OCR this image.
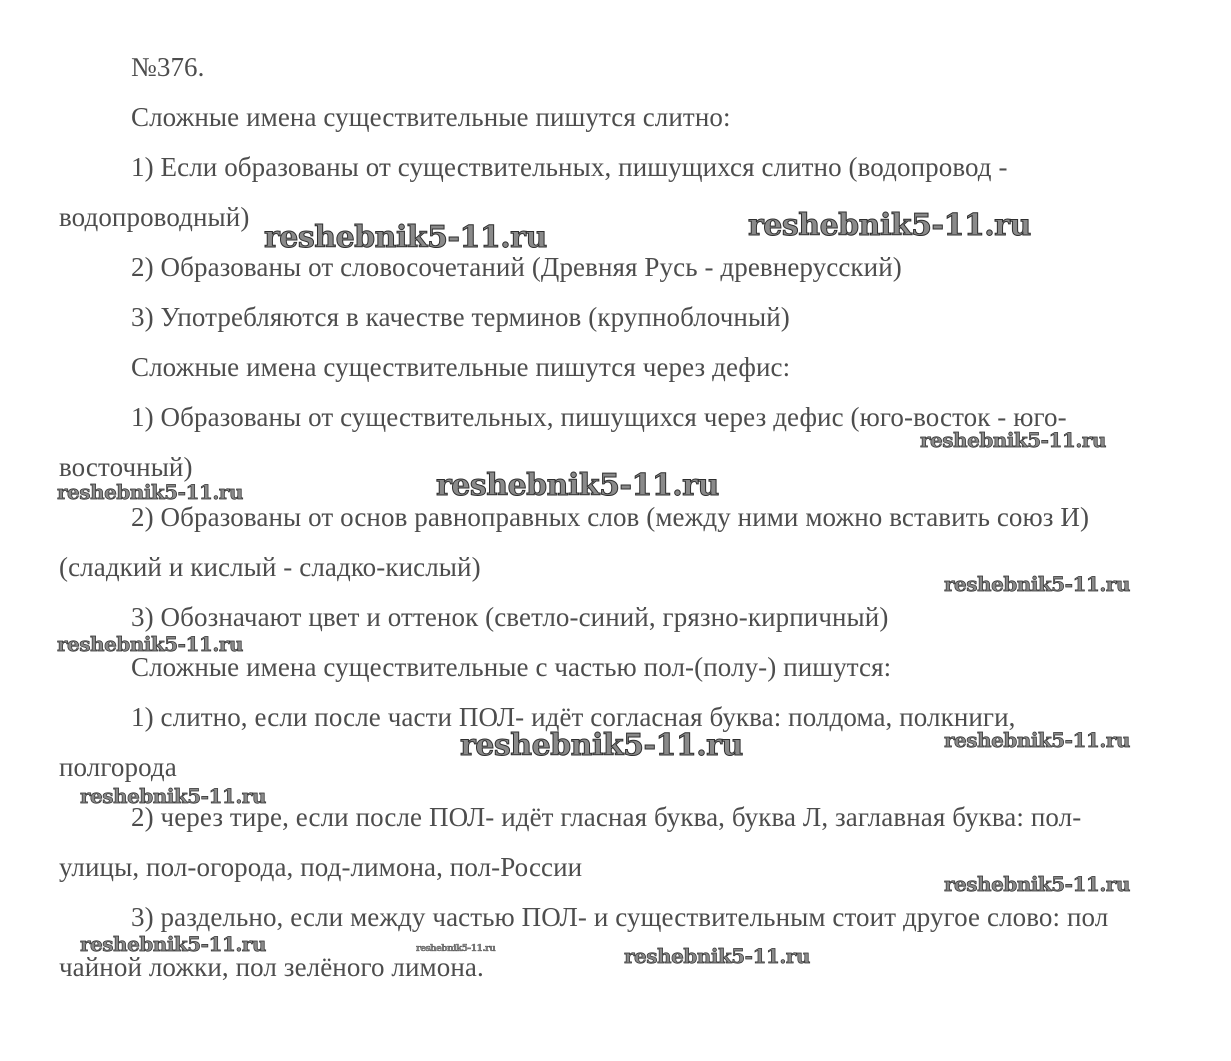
№376.
Сложные имена существительные пишутся слитно:
1) Если образованы от существительных, пишущихся слитно (водопровод -
водопроводный)
2) Образованы от словосочетаний (Древняя Русь - древнерусский)
3) Употребляются в качестве терминов (крупноблочный)
Сложные имена существительные пишутся через дефис:
1) Образованы от существительных, пишущихся через дефис (юго-восток - юго-
восточный)
2) Образованы от основ равноправных слов (между ними можно вставить союз И)
(сладкий и кислый - сладко-кислый)
3) Обозначают цвет и оттенок (светло-синий, грязно-кирпичный)
Сложные имена существительные с частью пол-(полу-) пишутся:
1) слитно, если после части ПОЛ- идёт согласная буква: полдома, полкниги,
полгорода
2) через тире, если после ПОЛ- идёт гласная буква, буква Л, заглавная буква: пол-
улицы, пол-огорода, под-лимона, пол-России
3) раздельно, если между частью ПОЛ- и существительным стоит другое слово: пол
чайной ложки, пол зелёного лимона.
reshebnik5-11.ru	reshebnik5-11.ru
reshebnik5-11.ru
reshebnik5-11.ru
reshebnik5-11.ru
reshebnik5-11.ru
reshebnik5-11.ru
reshebnik5-11.ru
reshebnik5-11.ru
reshebnik5-11.ru
reshebnik5-11.ru
reshebnik5-11.ru	reshebnik5-11.ru
reshebnik5-11.ru
